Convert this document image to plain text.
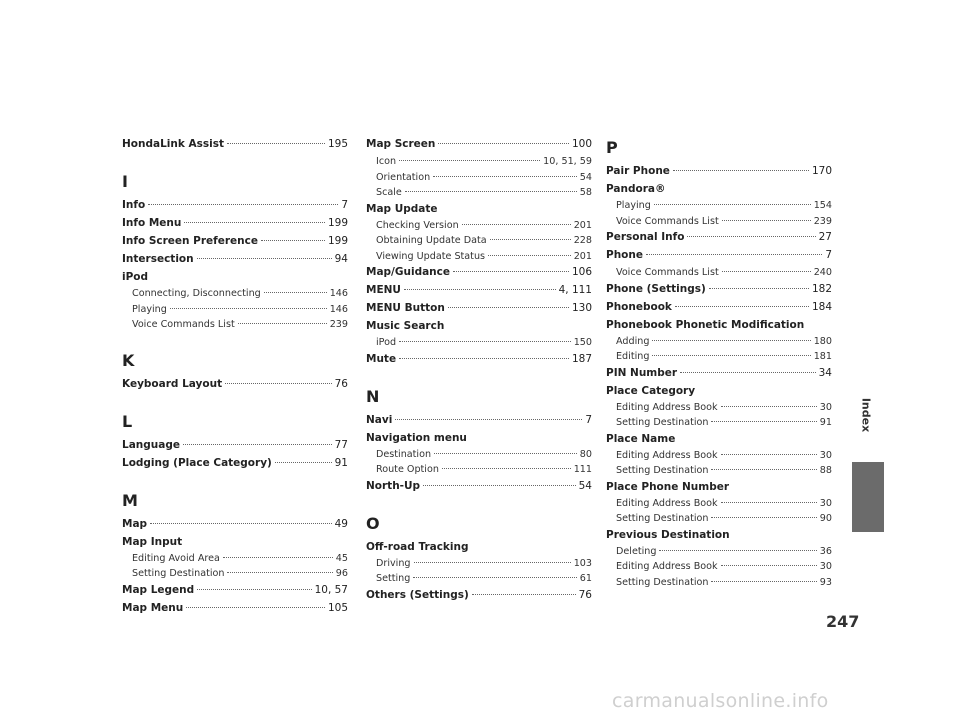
HondaLink Assist	195
I
Info	7
Info Menu	199
Info Screen Preference	199
Intersection	94
iPod
Connecting, Disconnecting	146
Playing	146
Voice Commands List	239
K
Keyboard Layout	76
L
Language	77
Lodging (Place Category)	91
M
Map	49
Map Input
Editing Avoid Area	45
Setting Destination	96
Map Legend	10, 57
Map Menu	105
Map Screen	100
Icon	10, 51, 59
Orientation	54
Scale	58
Map Update
Checking Version	201
Obtaining Update Data	228
Viewing Update Status	201
Map/Guidance	106
MENU	4, 111
MENU Button	130
Music Search
iPod	150
Mute	187
N
Navi	7
Navigation menu
Destination	80
Route Option	111
North-Up	54
O
Off-road Tracking
Driving	103
Setting	61
Others (Settings)	76
P
Pair Phone	170
Pandora®
Playing	154
Voice Commands List	239
Personal Info	27
Phone	7
Voice Commands List	240
Phone (Settings)	182
Phonebook	184
Phonebook Phonetic Modification
Adding	180
Editing	181
PIN Number	34
Place Category
Editing Address Book	30
Setting Destination	91
Place Name
Editing Address Book	30
Setting Destination	88
Place Phone Number
Editing Address Book	30
Setting Destination	90
Previous Destination
Deleting	36
Editing Address Book	30
Setting Destination	93
Index
247
carmanualsonline.info
